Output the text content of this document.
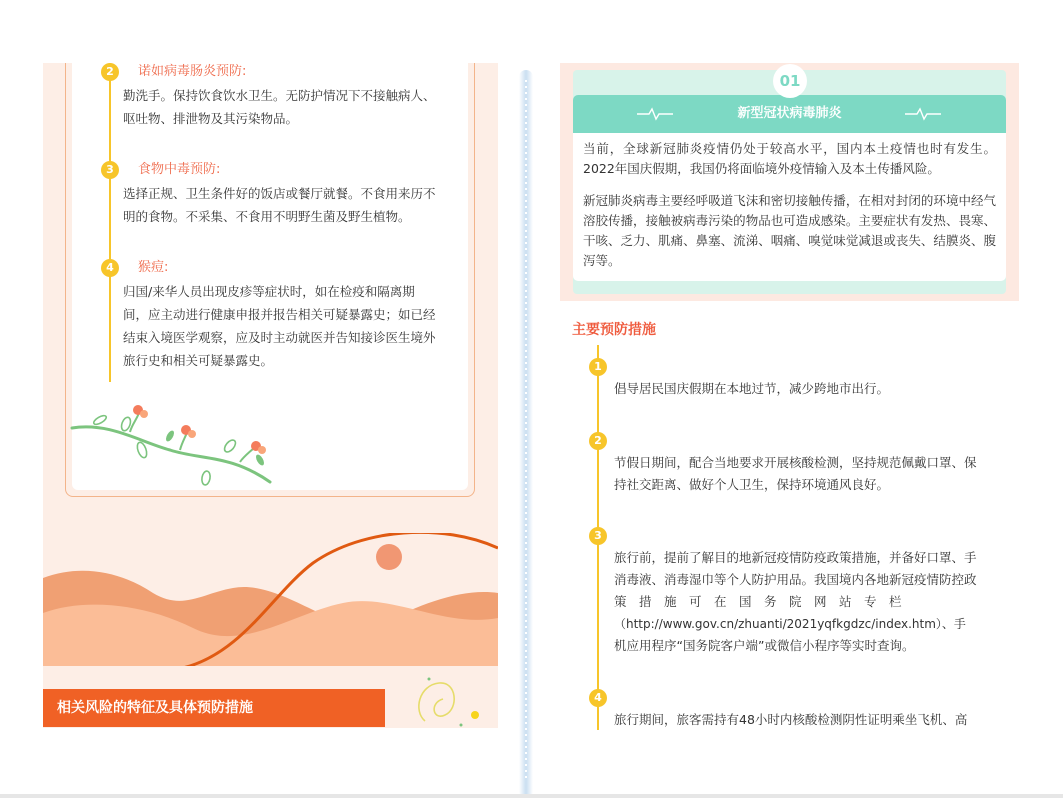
2	诺如病毒肠炎预防:
勤洗手。保持饮食饮水卫生。无防护情况下不接触病人、
呕吐物、排泄物及其污染物品。
3	食物中毒预防:
选择正规、卫生条件好的饭店或餐厅就餐。不食用来历不
明的食物。不采集、不食用不明野生菌及野生植物。
4	猴痘:
归国/来华人员出现皮疹等症状时，如在检疫和隔离期
间，应主动进行健康申报并报告相关可疑暴露史；如已经
结束入境医学观察，应及时主动就医并告知接诊医生境外
旅行史和相关可疑暴露史。
相关风险的特征及具体预防措施
新型冠状病毒肺炎

当前，全球新冠肺炎疫情仍处于较高水平，国内本土疫情也时有发生。2022年国庆假期，我国仍将面临境外疫情输入及本土传播风险。

新冠肺炎病毒主要经呼吸道飞沫和密切接触传播，在相对封闭的环境中经气溶胶传播，接触被病毒污染的物品也可造成感染。主要症状有发热、畏寒、干咳、乏力、肌痛、鼻塞、流涕、咽痛、嗅觉味觉减退或丧失、结膜炎、腹泻等。

01
主要预防措施
1
倡导居民国庆假期在本地过节，减少跨地市出行。
2
节假日期间，配合当地要求开展核酸检测，坚持规范佩戴口罩、保
持社交距离、做好个人卫生，保持环境通风良好。
3
旅行前，提前了解目的地新冠疫情防疫政策措施，并备好口罩、手
消毒液、消毒湿巾等个人防护用品。我国境内各地新冠疫情防控政
策　措　施　可　在　国　务　院　网　站　专　栏
（http://www.gov.cn/zhuanti/2021yqfkgdzc/index.htm）、手
机应用程序“国务院客户端”或微信小程序等实时查询。
4
旅行期间，旅客需持有48小时内核酸检测阴性证明乘坐飞机、高
